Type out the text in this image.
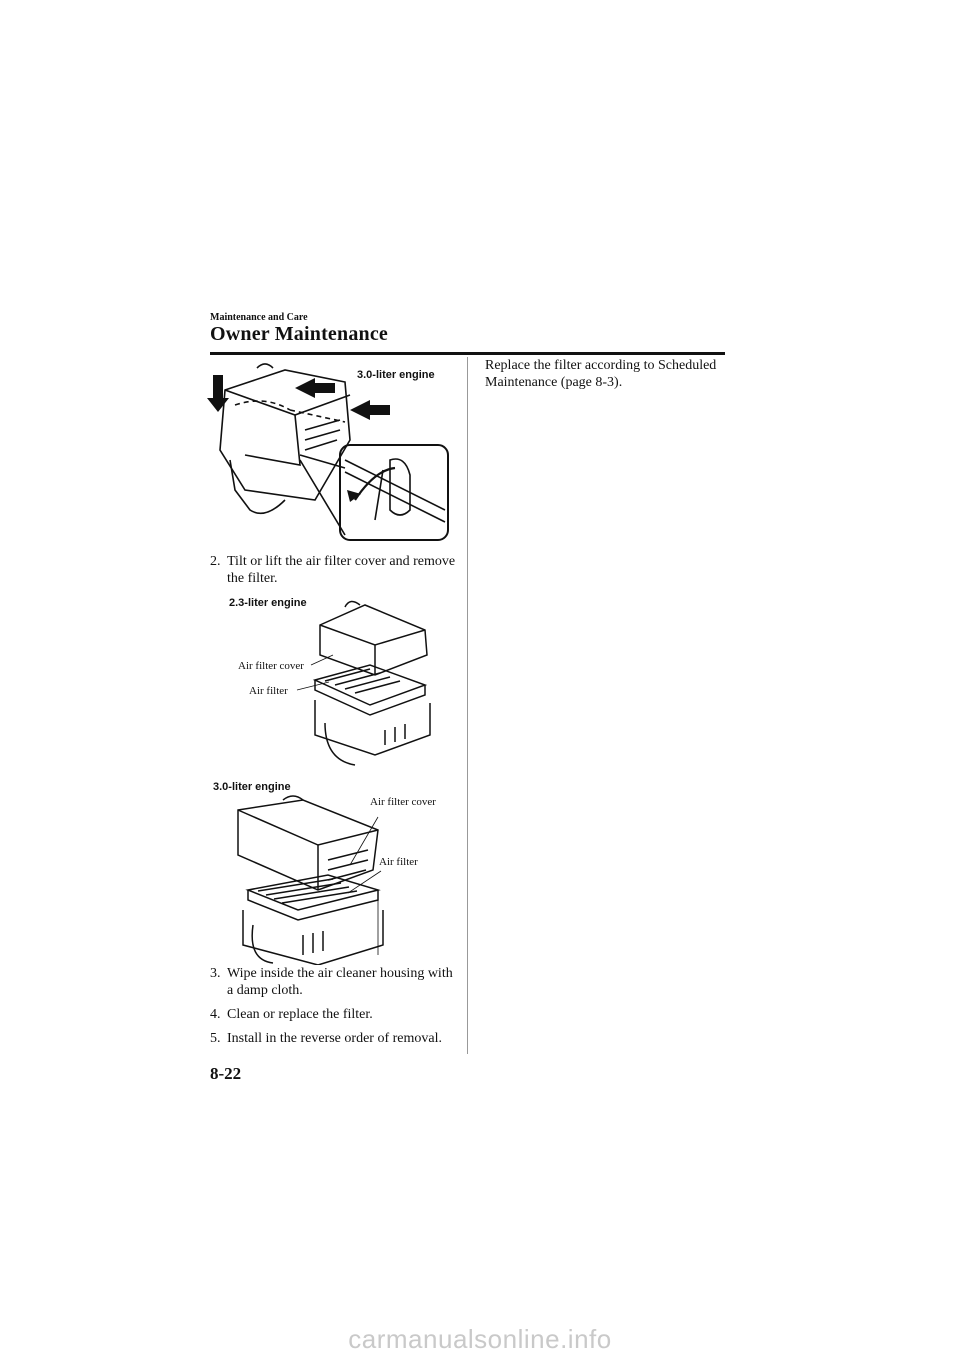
Maintenance and Care
Owner Maintenance
3.0-liter engine
2. Tilt or lift the air filter cover and remove the filter.
2.3-liter engine
Air filter cover
Air filter
3.0-liter engine
Air filter cover
Air filter
3. Wipe inside the air cleaner housing with a damp cloth.
4. Clean or replace the filter.
5. Install in the reverse order of removal.
Replace the filter according to Scheduled Maintenance (page 8-3).
8-22
carmanualsonline.info
